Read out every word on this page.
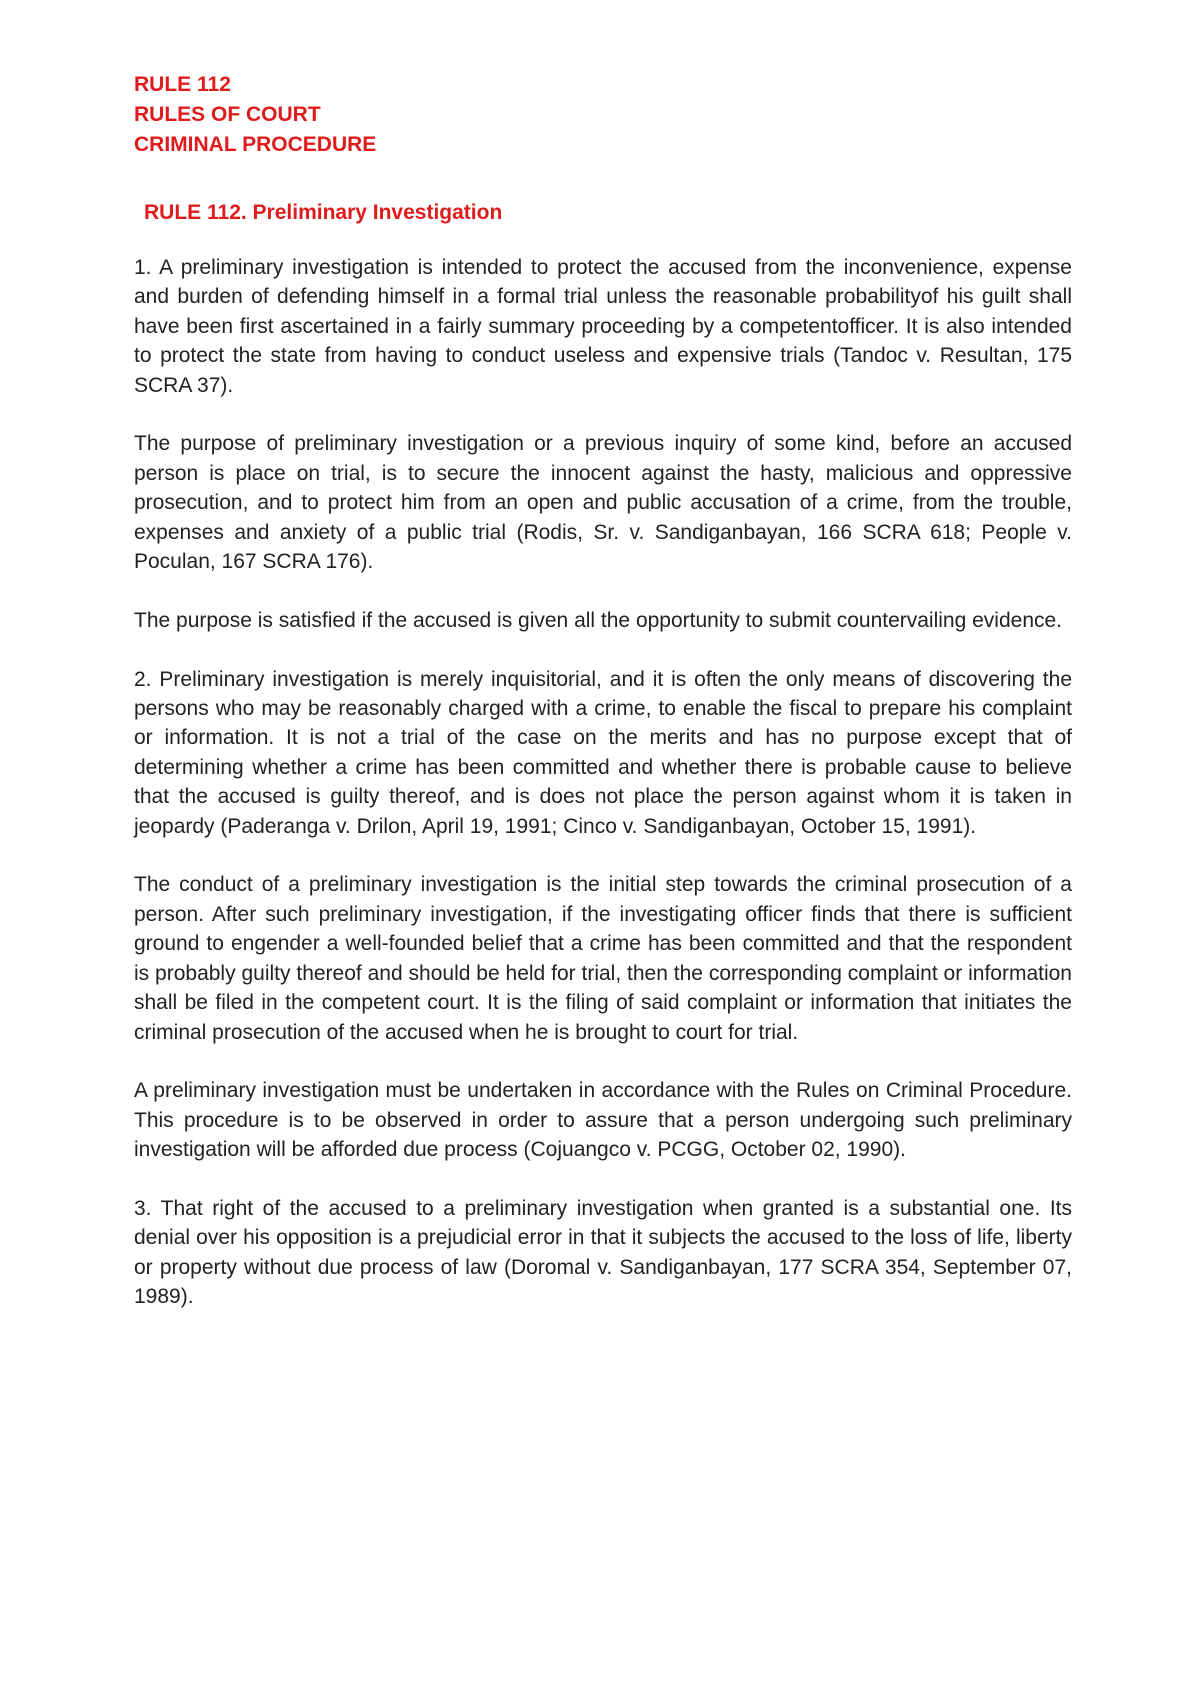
RULE 112
RULES OF COURT
CRIMINAL PROCEDURE
RULE 112. Preliminary Investigation

1. A preliminary investigation is intended to protect the accused from the inconvenience, expense and burden of defending himself in a formal trial unless the reasonable probabilityof his guilt shall have been first ascertained in a fairly summary proceeding by a competentofficer. It is also intended to protect the state from having to conduct useless and expensive trials (Tandoc v. Resultan, 175 SCRA 37).

The purpose of preliminary investigation or a previous inquiry of some kind, before an accused person is place on trial, is to secure the innocent against the hasty, malicious and oppressive prosecution, and to protect him from an open and public accusation of a crime, from the trouble, expenses and anxiety of a public trial (Rodis, Sr. v. Sandiganbayan, 166 SCRA 618; People v. Poculan, 167 SCRA 176).

The purpose is satisfied if the accused is given all the opportunity to submit countervailing evidence.

2. Preliminary investigation is merely inquisitorial, and it is often the only means of discovering the persons who may be reasonably charged with a crime, to enable the fiscal to prepare his complaint or information. It is not a trial of the case on the merits and has no purpose except that of determining whether a crime has been committed and whether there is probable cause to believe that the accused is guilty thereof, and is does not place the person against whom it is taken in jeopardy (Paderanga v. Drilon, April 19, 1991; Cinco v. Sandiganbayan, October 15, 1991).

The conduct of a preliminary investigation is the initial step towards the criminal prosecution of a person. After such preliminary investigation, if the investigating officer finds that there is sufficient ground to engender a well-founded belief that a crime has been committed and that the respondent is probably guilty thereof and should be held for trial, then the corresponding complaint or information shall be filed in the competent court. It is the filing of said complaint or information that initiates the criminal prosecution of the accused when he is brought to court for trial.

A preliminary investigation must be undertaken in accordance with the Rules on Criminal Procedure. This procedure is to be observed in order to assure that a person undergoing such preliminary investigation will be afforded due process (Cojuangco v. PCGG, October 02, 1990).

3. That right of the accused to a preliminary investigation when granted is a substantial one. Its denial over his opposition is a prejudicial error in that it subjects the accused to the loss of life, liberty or property without due process of law (Doromal v. Sandiganbayan, 177 SCRA 354, September 07, 1989).
